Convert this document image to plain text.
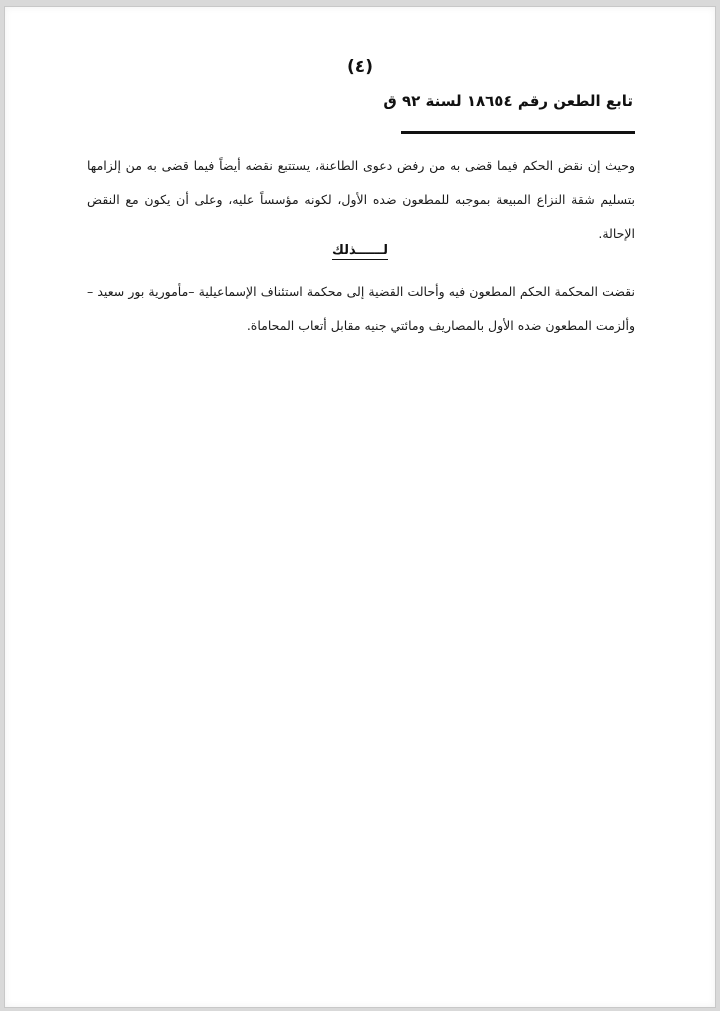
(٤)
تابع الطعن رقم ١٨٦٥٤ لسنة ٩٢ ق
وحيث إن نقض الحكم فيما قضى به من رفض دعوى الطاعنة، يستتبع نقضه أيضاً فيما قضى به من إلزامها بتسليم شقة النزاع المبيعة بموجبه للمطعون ضده الأول، لكونه مؤسساً عليه، وعلى أن يكون مع النقض الإحالة.
لــــــذلك
نقضت المحكمة الحكم المطعون فيه وأحالت القضية إلى محكمة استئناف الإسماعيلية –مأمورية بور سعيد – وألزمت المطعون ضده الأول بالمصاريف ومائتي جنيه مقابل أتعاب المحاماة.
